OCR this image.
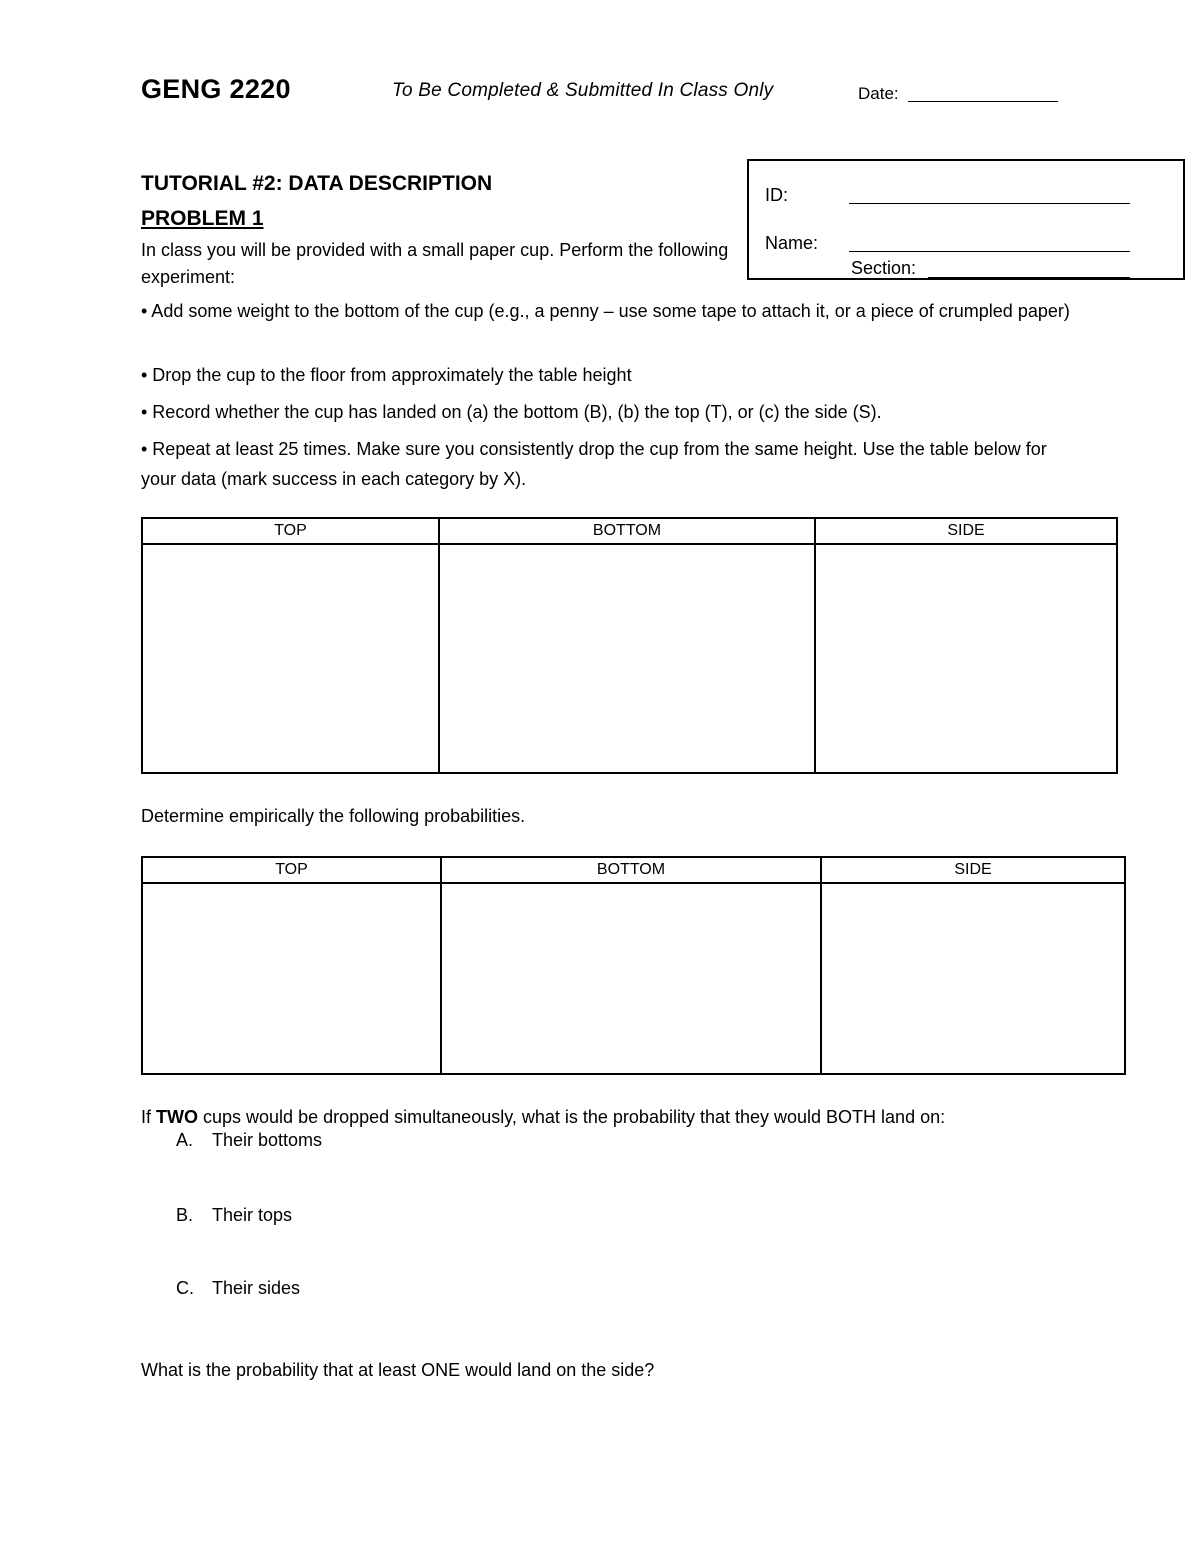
GENG 2220	To Be Completed & Submitted In Class Only	Date:
ID:
Name:
Section:
TUTORIAL #2: DATA DESCRIPTION
PROBLEM 1
In class you will be provided with a small paper cup. Perform the following experiment:
• Add some weight to the bottom of the cup (e.g., a penny – use some tape to attach it, or a piece of crumpled paper)
• Drop the cup to the floor from approximately the table height
• Record whether the cup has landed on (a) the bottom (B), (b) the top (T), or (c) the side (S).
• Repeat at least 25 times. Make sure you consistently drop the cup from the same height. Use the table below for your data (mark success in each category by X).
TOP	BOTTOM	SIDE

Determine empirically the following probabilities.
TOP	BOTTOM	SIDE

If TWO cups would be dropped simultaneously, what is the probability that they would BOTH land on:
A. Their bottoms
B. Their tops
C. Their sides
What is the probability that at least ONE would land on the side?
